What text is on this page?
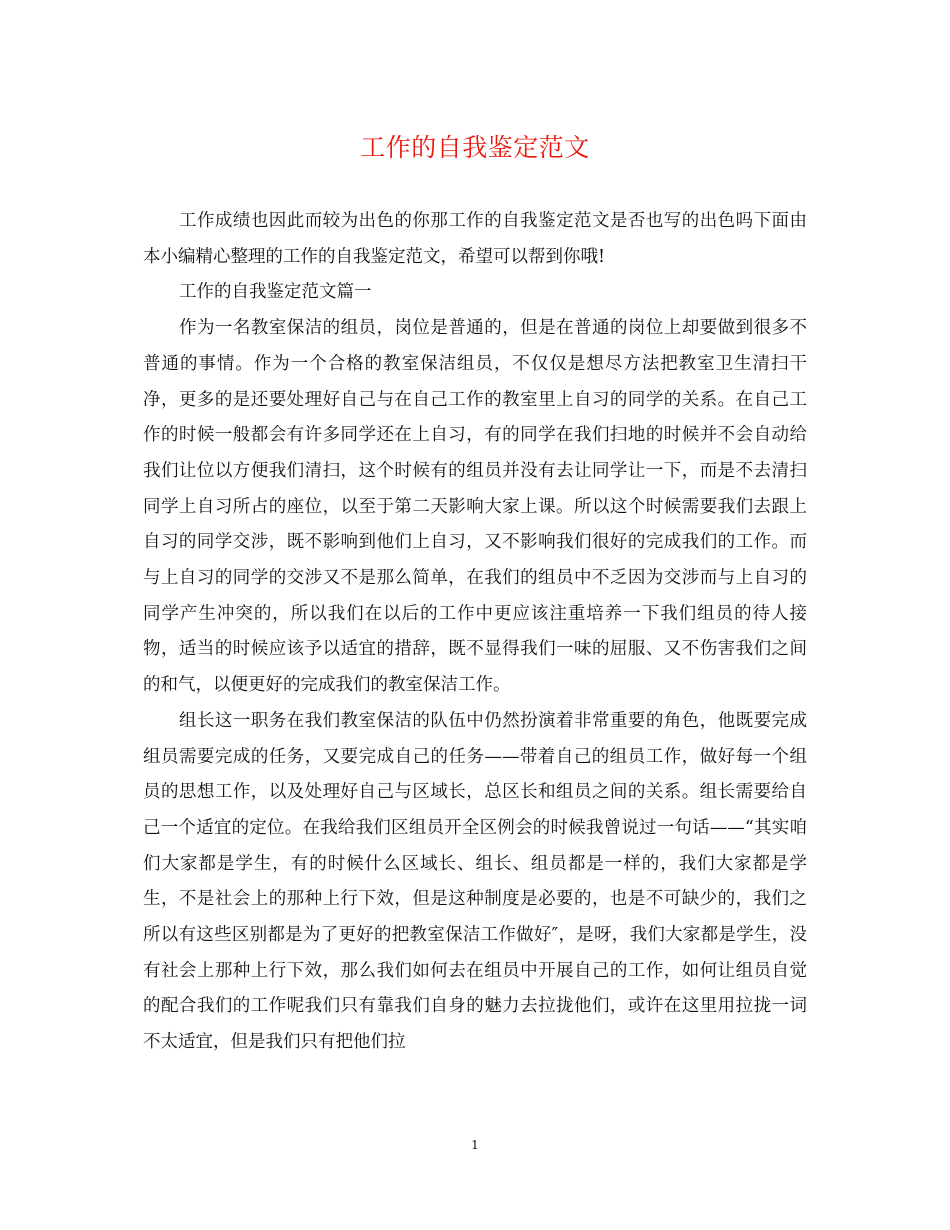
工作的自我鉴定范文

工作成绩也因此而较为出色的你那工作的自我鉴定范文是否也写的出色吗下面由本小编精心整理的工作的自我鉴定范文，希望可以帮到你哦!

工作的自我鉴定范文篇一

作为一名教室保洁的组员，岗位是普通的，但是在普通的岗位上却要做到很多不普通的事情。作为一个合格的教室保洁组员，不仅仅是想尽方法把教室卫生清扫干净，更多的是还要处理好自己与在自己工作的教室里上自习的同学的关系。在自己工作的时候一般都会有许多同学还在上自习，有的同学在我们扫地的时候并不会自动给我们让位以方便我们清扫，这个时候有的组员并没有去让同学让一下，而是不去清扫同学上自习所占的座位，以至于第二天影响大家上课。所以这个时候需要我们去跟上自习的同学交涉，既不影响到他们上自习，又不影响我们很好的完成我们的工作。而与上自习的同学的交涉又不是那么简单，在我们的组员中不乏因为交涉而与上自习的同学产生冲突的，所以我们在以后的工作中更应该注重培养一下我们组员的待人接物，适当的时候应该予以适宜的措辞，既不显得我们一味的屈服、又不伤害我们之间的和气，以便更好的完成我们的教室保洁工作。

组长这一职务在我们教室保洁的队伍中仍然扮演着非常重要的角色，他既要完成组员需要完成的任务，又要完成自己的任务——带着自己的组员工作，做好每一个组员的思想工作，以及处理好自己与区域长，总区长和组员之间的关系。组长需要给自己一个适宜的定位。在我给我们区组员开全区例会的时候我曾说过一句话——“其实咱们大家都是学生，有的时候什么区域长、组长、组员都是一样的，我们大家都是学生，不是社会上的那种上行下效，但是这种制度是必要的，也是不可缺少的，我们之所以有这些区别都是为了更好的把教室保洁工作做好″，是呀，我们大家都是学生，没有社会上那种上行下效，那么我们如何去在组员中开展自己的工作，如何让组员自觉的配合我们的工作呢我们只有靠我们自身的魅力去拉拢他们，或许在这里用拉拢一词不太适宜，但是我们只有把他们拉

1
